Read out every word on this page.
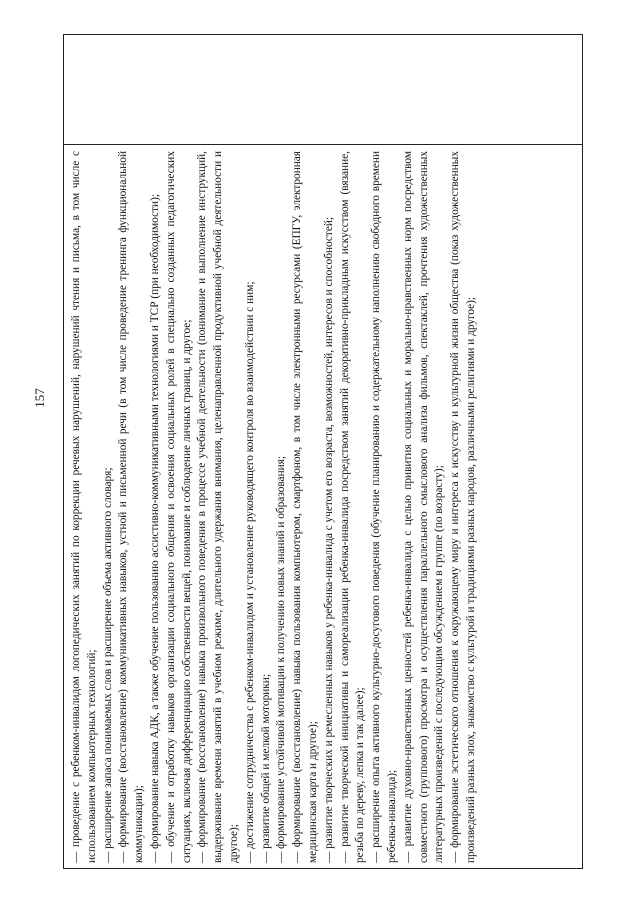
157 — проведение с ребенком-инвалидом логопедических занятий по коррекции речевых нарушений, нарушений чтения и письма, в том числе с использованием компьютерных технологий; — расширение запаса понимаемых слов и расширение объема активного словаря; — формирование (восстановление) коммуникативных навыков, устной и письменной речи (в том числе проведение тренинга функциональной коммуникации); — формирование навыка АДК, а также обучение пользованию ассистивно-коммуникативными технологиями и ТСР (при необходимости); — обучение и отработку навыков организации социального общения и освоения социальных ролей в специально созданных педагогических ситуациях, включая дифференциацию собственности вещей, понимание и соблюдение личных границ, и другое; — формирование (восстановление) навыка произвольного поведения в процессе учебной деятельности (понимание и выполнение инструкций, выдерживание времени занятий в учебном режиме, длительного удержания внимания, целенаправленной продуктивной учебной деятельности и другое); — достижение сотрудничества с ребенком-инвалидом и установление руководящего контроля во взаимодействии с ним; — развитие общей и мелкой моторики; — формирование устойчивой мотивации к получению новых знаний и образования; — формирование (восстановление) навыка пользования компьютером, смартфоном, в том числе электронными ресурсами (ЕПГУ, электронная медицинская карта и другое); — развитие творческих и ремесленных навыков у ребенка-инвалида с учетом его возраста, возможностей, интересов и способностей; — развитие творческой инициативы и самореализации ребенка-инвалида посредством занятий декоративно-прикладным искусством (вязание, резьба по дереву, лепка и так далее); — расширение опыта активного культурно-досугового поведения (обучение планированию и содержательному наполнению свободного времени ребенка-инвалида); — развитие духовно-нравственных ценностей ребенка-инвалида с целью привития социальных и морально-нравственных норм посредством совместного (группового) просмотра и осуществления параллельного смыслового анализа фильмов, спектаклей, прочтения художественных литературных произведений с последующим обсуждением в группе (по возрасту); — формирование эстетического отношения к окружающему миру и интереса к искусству и культурной жизни общества (показ художественных произведений разных эпох, знакомство с культурой и традициями разных народов, различными религиями и другое);
